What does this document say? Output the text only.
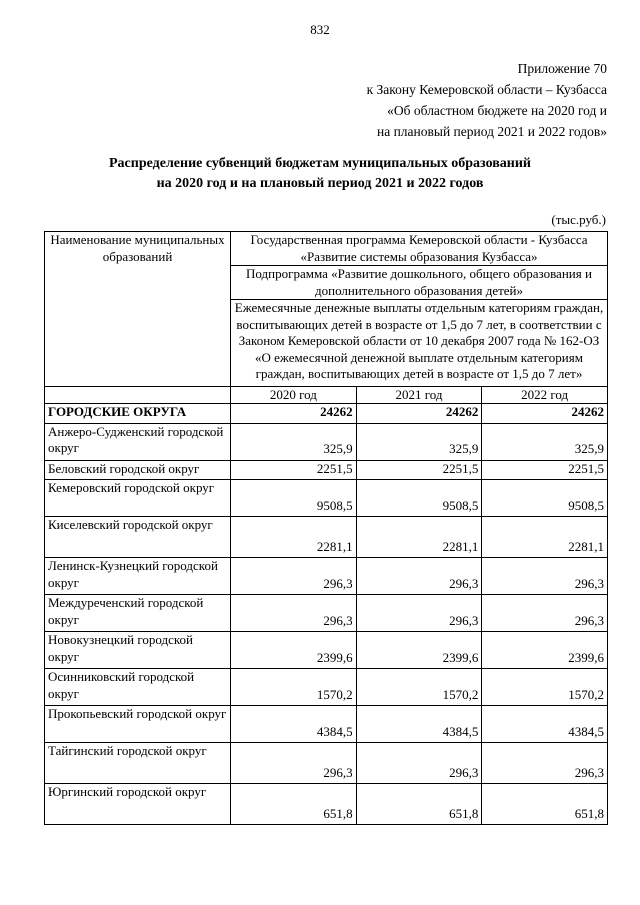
832
Приложение 70
к Закону Кемеровской области – Кузбасса
«Об областном бюджете на 2020 год и
на плановый период 2021 и 2022 годов»
Распределение субвенций бюджетам муниципальных образований
на 2020 год и на плановый период 2021 и 2022 годов
(тыс.руб.)
Наименование муниципальных образований	Государственная программа Кемеровской области - Кузбасса «Развитие системы образования Кузбасса»		
	Подпрограмма «Развитие дошкольного, общего образования и дополнительного образования детей»		
	Ежемесячные денежные выплаты отдельным категориям граждан, воспитывающих детей в возрасте от 1,5 до 7 лет, в соответствии с Законом Кемеровской области от 10 декабря 2007 года № 162-ОЗ «О ежемесячной денежной выплате отдельным категориям граждан, воспитывающих детей в возрасте от 1,5 до 7 лет»		
	2020 год	2021 год	2022 год
ГОРОДСКИЕ ОКРУГА	24262	24262	24262
Анжеро-Судженский городской округ	325,9	325,9	325,9
Беловский городской округ	2251,5	2251,5	2251,5
Кемеровский городской округ	9508,5	9508,5	9508,5
Киселевский городской округ	2281,1	2281,1	2281,1
Ленинск-Кузнецкий городской округ	296,3	296,3	296,3
Междуреченский городской округ	296,3	296,3	296,3
Новокузнецкий городской округ	2399,6	2399,6	2399,6
Осинниковский городской округ	1570,2	1570,2	1570,2
Прокопьевский городской округ	4384,5	4384,5	4384,5
Тайгинский городской округ	296,3	296,3	296,3
Юргинский городской округ	651,8	651,8	651,8
